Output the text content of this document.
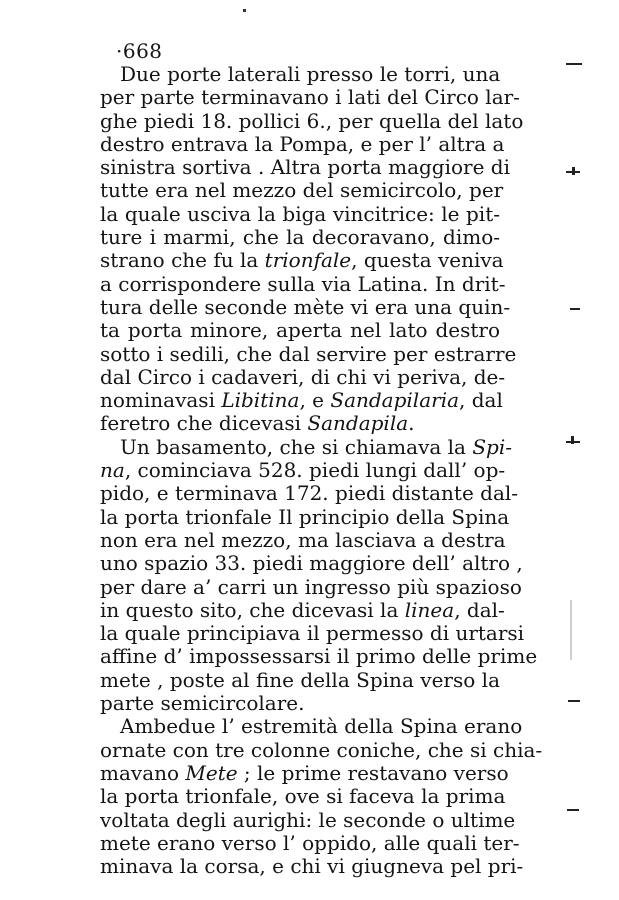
·668
Due porte laterali presso le torri, una
per parte terminavano i lati del Circo lar-
ghe piedi 18. pollici 6., per quella del lato
destro entrava la Pompa, e per l’ altra a
sinistra sortiva . Altra porta maggiore di
tutte era nel mezzo del semicircolo, per
la quale usciva la biga vincitrice: le pit-
ture i marmi, che la decoravano, dimo-
strano che fu la trionfale, questa veniva
a corrispondere sulla via Latina. In drit-
tura delle seconde mète vi era una quin-
ta porta minore, aperta nel lato destro
sotto i sedili, che dal servire per estrarre
dal Circo i cadaveri, di chi vi periva, de-
nominavasi Libitina, e Sandapilaria, dal
feretro che dicevasi Sandapila.
Un basamento, che si chiamava la Spi-
na, cominciava 528. piedi lungi dall’ op-
pido, e terminava 172. piedi distante dal-
la porta trionfale Il principio della Spina
non era nel mezzo, ma lasciava a destra
uno spazio 33. piedi maggiore dell’ altro ,
per dare a’ carri un ingresso più spazioso
in questo sito, che dicevasi la linea, dal-
la quale principiava il permesso di urtarsi
affine d’ impossessarsi il primo delle prime
mete , poste al fine della Spina verso la
parte semicircolare.
Ambedue l’ estremità della Spina erano
ornate con tre colonne coniche, che si chia-
mavano Mete ; le prime restavano verso
la porta trionfale, ove si faceva la prima
voltata degli aurighi: le seconde o ultime
mete erano verso l’ oppido, alle quali ter-
minava la corsa, e chi vi giugneva pel pri-
